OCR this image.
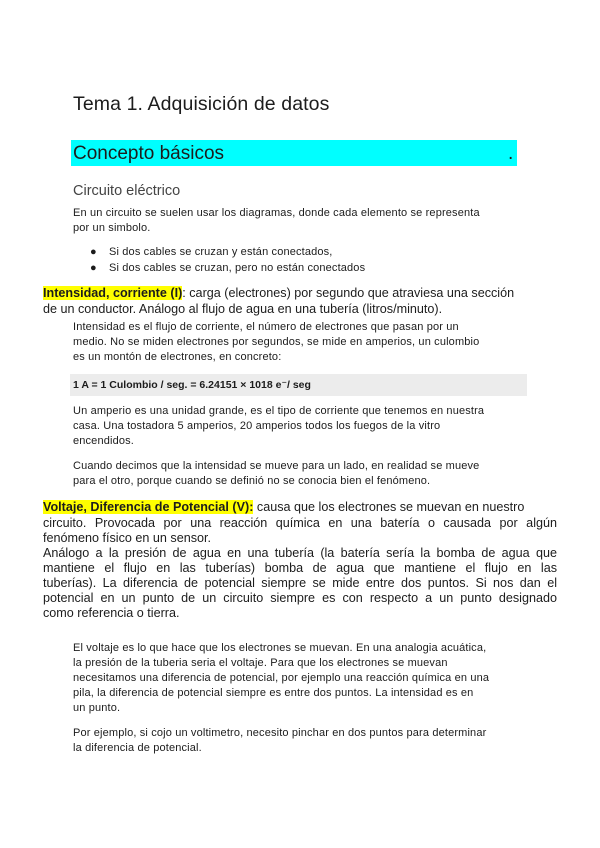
Tema 1. Adquisición de datos
Concepto básicos	.
Circuito eléctrico
En un circuito se suelen usar los diagramas, donde cada elemento se representa
por un simbolo.
● Si dos cables se cruzan y están conectados,
● Si dos cables se cruzan, pero no están conectados
Intensidad, corriente (I): carga (electrones) por segundo que atraviesa una sección
de un conductor. Análogo al flujo de agua en una tubería (litros/minuto).
Intensidad es el flujo de corriente, el número de electrones que pasan por un
medio. No se miden electrones por segundos, se mide en amperios, un culombio
es un montón de electrones, en concreto:
1 A = 1 Culombio / seg. = 6.24151 × 1018 e⁻/ seg
Un amperio es una unidad grande, es el tipo de corriente que tenemos en nuestra
casa. Una tostadora 5 amperios, 20 amperios todos los fuegos de la vitro
encendidos.
Cuando decimos que la intensidad se mueve para un lado, en realidad se mueve
para el otro, porque cuando se definió no se conocia bien el fenómeno.
Voltaje, Diferencia de Potencial (V): causa que los electrones se muevan en nuestro
circuito. Provocada por una reacción química en una batería o causada por algún
fenómeno físico en un sensor.
Análogo a la presión de agua en una tubería (la batería sería la bomba de agua que
mantiene el flujo en las tuberías) bomba de agua que mantiene el flujo en las
tuberías). La diferencia de potencial siempre se mide entre dos puntos. Si nos dan el
potencial en un punto de un circuito siempre es con respecto a un punto designado
como referencia o tierra.
El voltaje es lo que hace que los electrones se muevan. En una analogia acuática,
la presión de la tuberia seria el voltaje. Para que los electrones se muevan
necesitamos una diferencia de potencial, por ejemplo una reacción química en una
pila, la diferencia de potencial siempre es entre dos puntos. La intensidad es en
un punto.
Por ejemplo, si cojo un voltimetro, necesito pinchar en dos puntos para determinar
la diferencia de potencial.
